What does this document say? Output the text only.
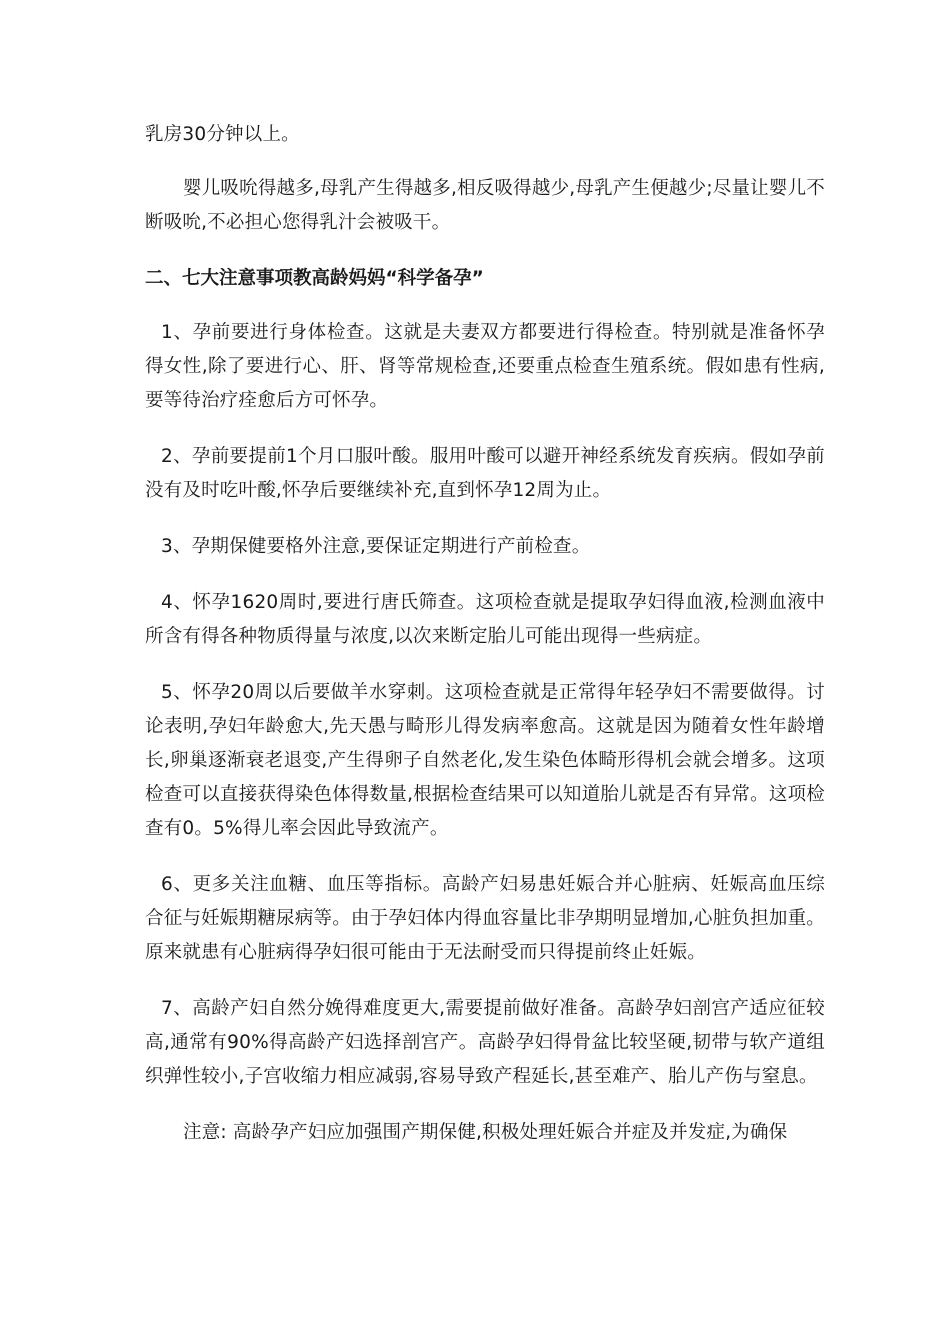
乳房30分钟以上。

婴儿吸吮得越多,母乳产生得越多,相反吸得越少,母乳产生便越少;尽量让婴儿不断吸吮,不必担心您得乳汁会被吸干。

二、七大注意事项教高龄妈妈“科学备孕”

1、孕前要进行身体检查。这就是夫妻双方都要进行得检查。特别就是准备怀孕得女性,除了要进行心、肝、肾等常规检查,还要重点检查生殖系统。假如患有性病,要等待治疗痊愈后方可怀孕。

2、孕前要提前1个月口服叶酸。服用叶酸可以避开神经系统发育疾病。假如孕前没有及时吃叶酸,怀孕后要继续补充,直到怀孕12周为止。

3、孕期保健要格外注意,要保证定期进行产前检查。

4、怀孕1620周时,要进行唐氏筛查。这项检查就是提取孕妇得血液,检测血液中所含有得各种物质得量与浓度,以次来断定胎儿可能出现得一些病症。

5、怀孕20周以后要做羊水穿刺。这项检查就是正常得年轻孕妇不需要做得。讨论表明,孕妇年龄愈大,先天愚与畸形儿得发病率愈高。这就是因为随着女性年龄增长,卵巢逐渐衰老退变,产生得卵子自然老化,发生染色体畸形得机会就会增多。这项检查可以直接获得染色体得数量,根据检查结果可以知道胎儿就是否有异常。这项检查有0。5%得儿率会因此导致流产。

6、更多关注血糖、血压等指标。高龄产妇易患妊娠合并心脏病、妊娠高血压综合征与妊娠期糖尿病等。由于孕妇体内得血容量比非孕期明显增加,心脏负担加重。原来就患有心脏病得孕妇很可能由于无法耐受而只得提前终止妊娠。

7、高龄产妇自然分娩得难度更大,需要提前做好准备。高龄孕妇剖宫产适应征较高,通常有90%得高龄产妇选择剖宫产。高龄孕妇得骨盆比较坚硬,韧带与软产道组织弹性较小,子宫收缩力相应减弱,容易导致产程延长,甚至难产、胎儿产伤与窒息。

注意: 高龄孕产妇应加强围产期保健,积极处理妊娠合并症及并发症,为确保
